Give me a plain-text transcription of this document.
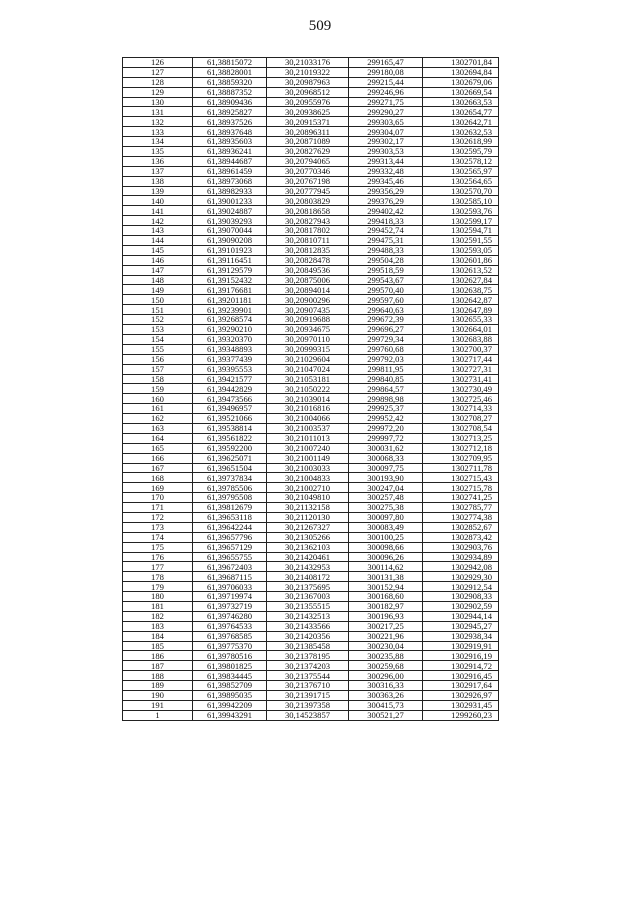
509
126	61,38815072	30,21033176	299165,47	1302701,84
127	61,38828001	30,21019322	299180,08	1302694,84
128	61,38859320	30,20987963	299215,44	1302679,06
129	61,38887352	30,20968512	299246,96	1302669,54
130	61,38909436	30,20955976	299271,75	1302663,53
131	61,38925827	30,20938625	299290,27	1302654,77
132	61,38937526	30,20915371	299303,65	1302642,71
133	61,38937648	30,20896311	299304,07	1302632,53
134	61,38935603	30,20871089	299302,17	1302618,99
135	61,38936241	30,20827629	299303,53	1302595,79
136	61,38944687	30,20794065	299313,44	1302578,12
137	61,38961459	30,20770346	299332,48	1302565,97
138	61,38973068	30,20767198	299345,46	1302564,65
139	61,38982933	30,20777945	299356,29	1302570,70
140	61,39001233	30,20803829	299376,29	1302585,10
141	61,39024887	30,20818658	299402,42	1302593,76
142	61,39039293	30,20827943	299418,33	1302599,17
143	61,39070044	30,20817802	299452,74	1302594,71
144	61,39090208	30,20810711	299475,31	1302591,55
145	61,39101923	30,20812835	299488,33	1302593,05
146	61,39116451	30,20828478	299504,28	1302601,86
147	61,39129579	30,20849536	299518,59	1302613,52
148	61,39152432	30,20875006	299543,67	1302627,84
149	61,39176681	30,20894014	299570,40	1302638,75
150	61,39201181	30,20900296	299597,60	1302642,87
151	61,39239901	30,20907435	299640,63	1302647,89
152	61,39268574	30,20919688	299672,39	1302655,33
153	61,39290210	30,20934675	299696,27	1302664,01
154	61,39320370	30,20970110	299729,34	1302683,88
155	61,39348893	30,20999315	299760,68	1302700,37
156	61,39377439	30,21029604	299792,03	1302717,44
157	61,39395553	30,21047024	299811,95	1302727,31
158	61,39421577	30,21053181	299840,85	1302731,41
159	61,39442829	30,21050222	299864,57	1302730,49
160	61,39473566	30,21039014	299898,98	1302725,46
161	61,39496957	30,21016816	299925,37	1302714,33
162	61,39521066	30,21004066	299952,42	1302708,27
163	61,39538814	30,21003537	299972,20	1302708,54
164	61,39561822	30,21011013	299997,72	1302713,25
165	61,39592200	30,21007240	300031,62	1302712,18
166	61,39625071	30,21001149	300068,33	1302709,95
167	61,39651504	30,21003033	300097,75	1302711,78
168	61,39737834	30,21004833	300193,90	1302715,43
169	61,39785506	30,21002710	300247,04	1302715,78
170	61,39795508	30,21049810	300257,48	1302741,25
171	61,39812679	30,21132158	300275,38	1302785,77
172	61,39653118	30,21120130	300097,80	1302774,38
173	61,39642244	30,21267327	300083,49	1302852,67
174	61,39657796	30,21305266	300100,25	1302873,42
175	61,39657129	30,21362103	300098,66	1302903,76
176	61,39655755	30,21420461	300096,26	1302934,89
177	61,39672403	30,21432953	300114,62	1302942,08
178	61,39687115	30,21408172	300131,38	1302929,30
179	61,39706033	30,21375695	300152,94	1302912,54
180	61,39719974	30,21367003	300168,60	1302908,33
181	61,39732719	30,21355515	300182,97	1302902,59
182	61,39746280	30,21432513	300196,93	1302944,14
183	61,39764533	30,21433566	300217,25	1302945,27
184	61,39768585	30,21420356	300221,96	1302938,34
185	61,39775370	30,21385458	300230,04	1302919,91
186	61,39780516	30,21378195	300235,88	1302916,19
187	61,39801825	30,21374203	300259,68	1302914,72
188	61,39834445	30,21375544	300296,00	1302916,45
189	61,39852709	30,21376710	300316,33	1302917,64
190	61,39895035	30,21391715	300363,26	1302926,97
191	61,39942209	30,21397358	300415,73	1302931,45
1	61,39943291	30,14523857	300521,27	1299260,23
